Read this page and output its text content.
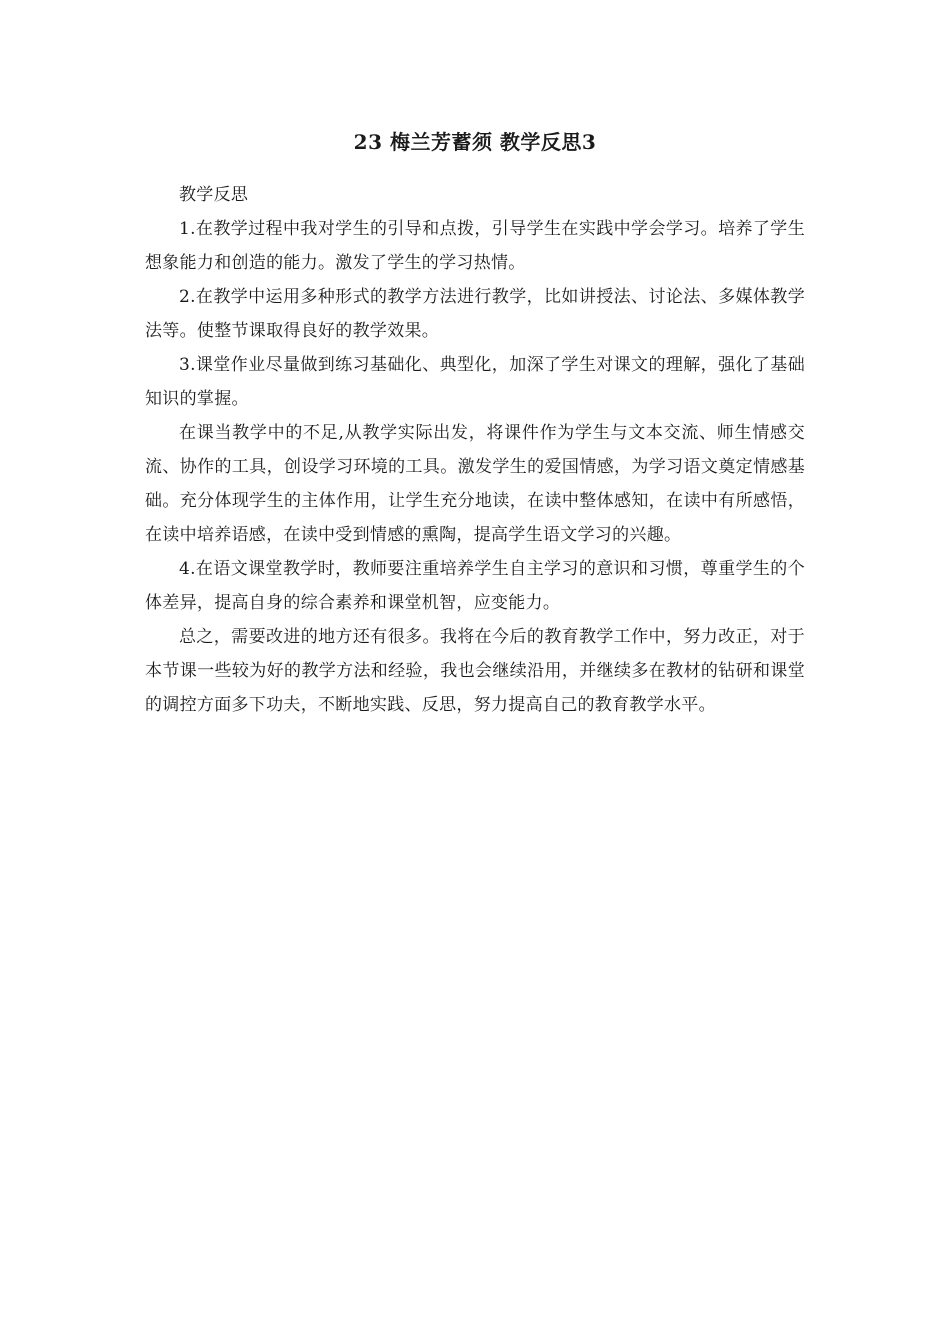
23 梅兰芳蓄须 教学反思3

教学反思

1.在教学过程中我对学生的引导和点拨，引导学生在实践中学会学习。培养了学生想象能力和创造的能力。激发了学生的学习热情。

2.在教学中运用多种形式的教学方法进行教学，比如讲授法、讨论法、多媒体教学法等。使整节课取得良好的教学效果。

3.课堂作业尽量做到练习基础化、典型化，加深了学生对课文的理解，强化了基础知识的掌握。

在课当教学中的不足,从教学实际出发，将课件作为学生与文本交流、师生情感交流、协作的工具，创设学习环境的工具。激发学生的爱国情感，为学习语文奠定情感基础。充分体现学生的主体作用，让学生充分地读，在读中整体感知，在读中有所感悟，在读中培养语感，在读中受到情感的熏陶，提高学生语文学习的兴趣。

4.在语文课堂教学时，教师要注重培养学生自主学习的意识和习惯，尊重学生的个体差异，提高自身的综合素养和课堂机智，应变能力。

总之，需要改进的地方还有很多。我将在今后的教育教学工作中，努力改正，对于本节课一些较为好的教学方法和经验，我也会继续沿用，并继续多在教材的钻研和课堂的调控方面多下功夫，不断地实践、反思，努力提高自己的教育教学水平。
